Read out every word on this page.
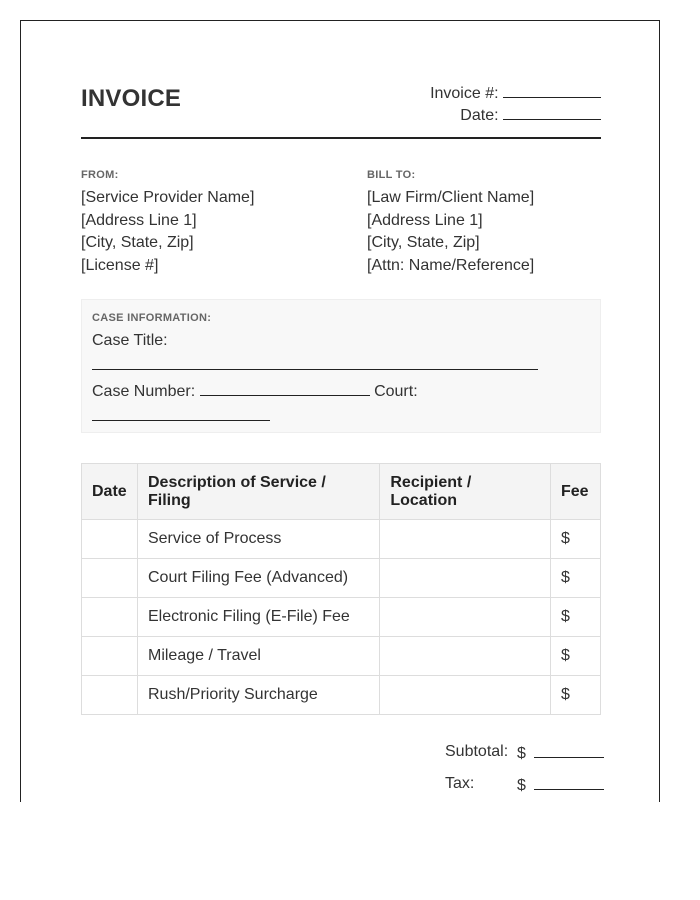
INVOICE	Invoice #:
Date:
FROM:
[Service Provider Name]
[Address Line 1]
[City, State, Zip]
[License #]
BILL TO:
[Law Firm/Client Name]
[Address Line 1]
[City, State, Zip]
[Attn: Name/Reference]
CASE INFORMATION:
Case Title:
Case Number:	Court:
Date	Description of Service / Filing	Recipient / Location	Fee
	Service of Process		$
	Court Filing Fee (Advanced)		$
	Electronic Filing (E-File) Fee		$
	Mileage / Travel		$
	Rush/Priority Surcharge		$
Subtotal: $
Tax:	$
